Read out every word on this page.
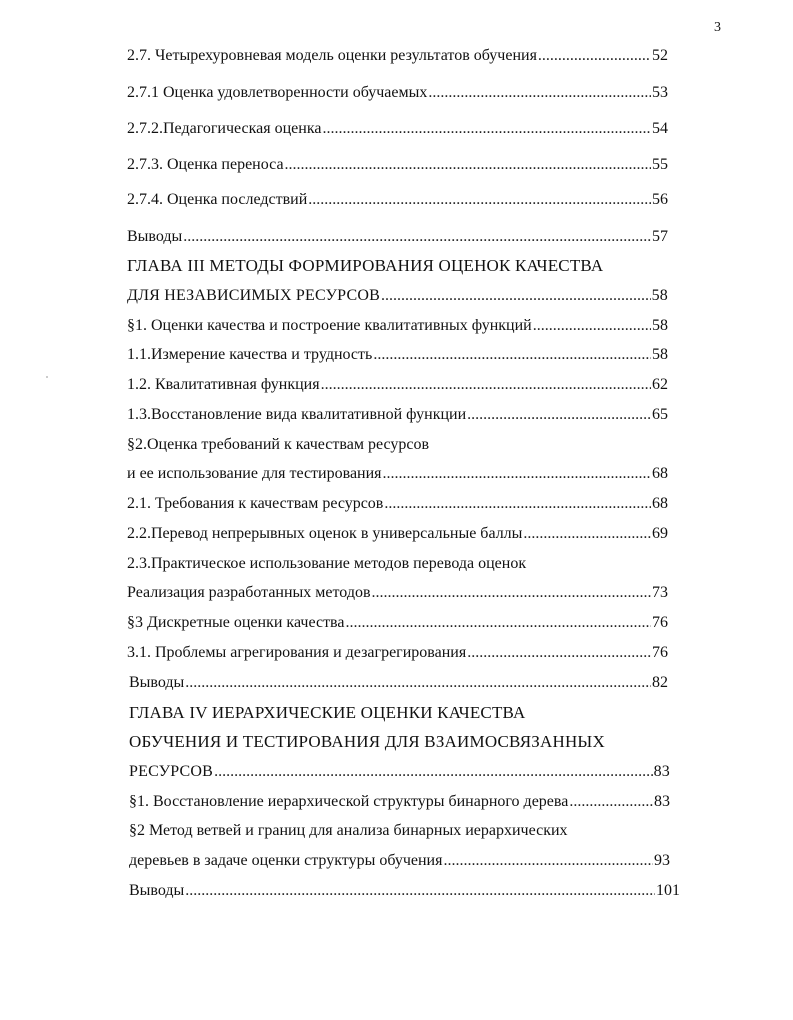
3
2.7. Четырехуровневая модель оценки результатов обучения .....	52
2.7.1 Оценка удовлетворенности обучаемых .....	53
2.7.2.Педагогическая оценка .....	54
2.7.3. Оценка переноса .....	55
2.7.4. Оценка последствий .....	56
Выводы .....	57
ГЛАВА III МЕТОДЫ ФОРМИРОВАНИЯ ОЦЕНОК КАЧЕСТВА
ДЛЯ НЕЗАВИСИМЫХ РЕСУРСОВ .....	58
§1. Оценки качества и построение квалитативных функций .....	58
1.1.Измерение качества и трудность .....	58
1.2. Квалитативная функция .....	62
1.3.Восстановление вида квалитативной функции .....	65
§2.Оценка требований к качествам ресурсов
и ее использование для тестирования .....	68
2.1. Требования к качествам ресурсов .....	68
2.2.Перевод непрерывных оценок в универсальные баллы .....	69
2.3.Практическое использование методов перевода оценок
Реализация разработанных методов .....	73
§3 Дискретные оценки качества .....	76
3.1. Проблемы агрегирования и дезагрегирования .....	76
Выводы .....	82
ГЛАВА IV ИЕРАРХИЧЕСКИЕ ОЦЕНКИ КАЧЕСТВА
ОБУЧЕНИЯ И ТЕСТИРОВАНИЯ ДЛЯ ВЗАИМОСВЯЗАННЫХ
РЕСУРСОВ .....	83
§1. Восстановление иерархической структуры бинарного дерева .....	83
§2 Метод ветвей и границ для анализа бинарных иерархических
деревьев в задаче оценки структуры обучения .....	93
Выводы .....	101
